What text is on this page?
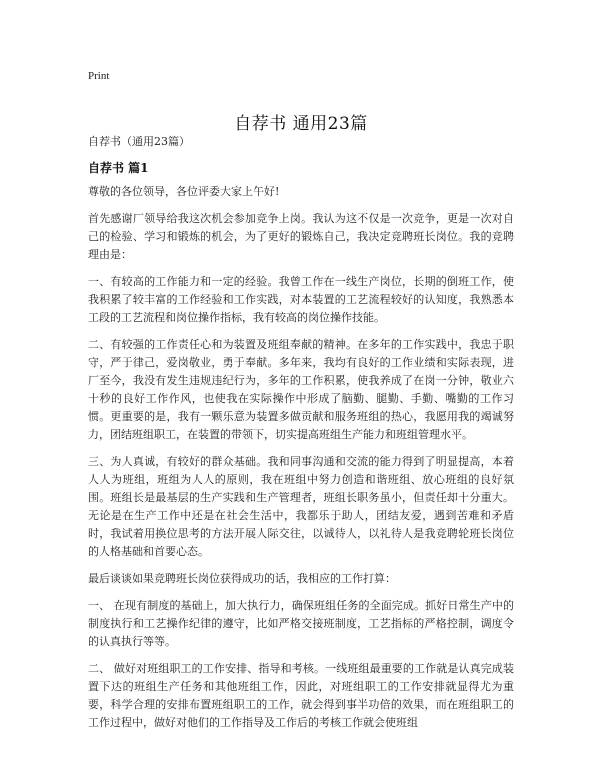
Print
自荐书 通用23篇
自荐书（通用23篇）
自荐书 篇1

尊敬的各位领导，各位评委大家上午好!

首先感谢厂领导给我这次机会参加竞争上岗。我认为这不仅是一次竞争，更是一次对自己的检验、学习和锻炼的机会，为了更好的锻炼自己，我决定竞聘班长岗位。我的竞聘理由是：

一、有较高的工作能力和一定的经验。我曾工作在一线生产岗位，长期的倒班工作，使我积累了较丰富的工作经验和工作实践，对本装置的工艺流程较好的认知度，我熟悉本工段的工艺流程和岗位操作指标，我有较高的岗位操作技能。

二、有较强的工作责任心和为装置及班组奉献的精神。在多年的工作实践中，我忠于职守，严于律己，爱岗敬业，勇于奉献。多年来，我均有良好的工作业绩和实际表现，进厂至今，我没有发生违规违纪行为，多年的工作积累，使我养成了在岗一分钟，敬业六十秒的良好工作作风，也使我在实际操作中形成了脑勤、腿勤、手勤、嘴勤的工作习惯。更重要的是，我有一颗乐意为装置多做贡献和服务班组的热心，我愿用我的竭诚努力，团结班组职工，在装置的带领下，切实提高班组生产能力和班组管理水平。

三、为人真诚，有较好的群众基础。我和同事沟通和交流的能力得到了明显提高，本着人人为班组，班组为人人的原则，我在班组中努力创造和谐班组、放心班组的良好氛围。班组长是最基层的生产实践和生产管理者，班组长职务虽小，但责任却十分重大。无论是在生产工作中还是在社会生活中，我都乐于助人，团结友爱，遇到苦难和矛盾时，我试着用换位思考的方法开展人际交往，以诚待人，以礼待人是我竞聘轮班长岗位的人格基础和首要心态。

最后谈谈如果竞聘班长岗位获得成功的话，我相应的工作打算：

一、 在现有制度的基础上，加大执行力，确保班组任务的全面完成。抓好日常生产中的制度执行和工艺操作纪律的遵守，比如严格交接班制度，工艺指标的严格控制，调度令的认真执行等等。

二、 做好对班组职工的工作安排、指导和考核。一线班组最重要的工作就是认真完成装置下达的班组生产任务和其他班组工作，因此，对班组职工的工作安排就显得尤为重要，科学合理的安排布置班组职工的工作，就会得到事半功倍的效果，而在班组职工的工作过程中，做好对他们的工作指导及工作后的考核工作就会使班组
